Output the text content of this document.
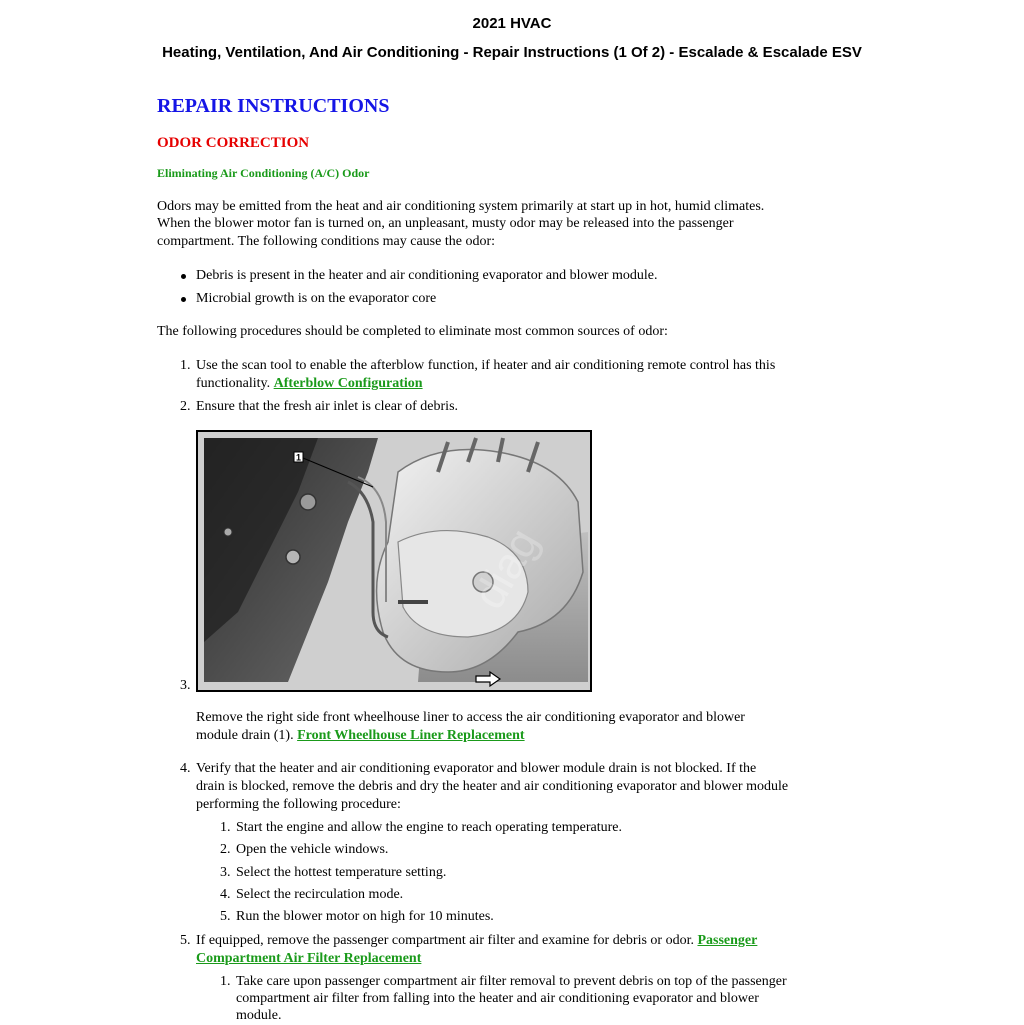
2021 HVAC
Heating, Ventilation, And Air Conditioning - Repair Instructions (1 Of 2) - Escalade & Escalade ESV
REPAIR INSTRUCTIONS
ODOR CORRECTION
Eliminating Air Conditioning (A/C) Odor
Odors may be emitted from the heat and air conditioning system primarily at start up in hot, humid climates.
When the blower motor fan is turned on, an unpleasant, musty odor may be released into the passenger
compartment. The following conditions may cause the odor:
Debris is present in the heater and air conditioning evaporator and blower module.
Microbial growth is on the evaporator core
The following procedures should be completed to eliminate most common sources of odor:
1. Use the scan tool to enable the afterblow function, if heater and air conditioning remote control has this
functionality. Afterblow Configuration
2. Ensure that the fresh air inlet is clear of debris.
3.
1
diag
Remove the right side front wheelhouse liner to access the air conditioning evaporator and blower
module drain (1). Front Wheelhouse Liner Replacement
4. Verify that the heater and air conditioning evaporator and blower module drain is not blocked. If the
drain is blocked, remove the debris and dry the heater and air conditioning evaporator and blower module
performing the following procedure:
1. Start the engine and allow the engine to reach operating temperature.
2. Open the vehicle windows.
3. Select the hottest temperature setting.
4. Select the recirculation mode.
5. Run the blower motor on high for 10 minutes.
5. If equipped, remove the passenger compartment air filter and examine for debris or odor. Passenger
Compartment Air Filter Replacement
1. Take care upon passenger compartment air filter removal to prevent debris on top of the passenger
compartment air filter from falling into the heater and air conditioning evaporator and blower
module.
